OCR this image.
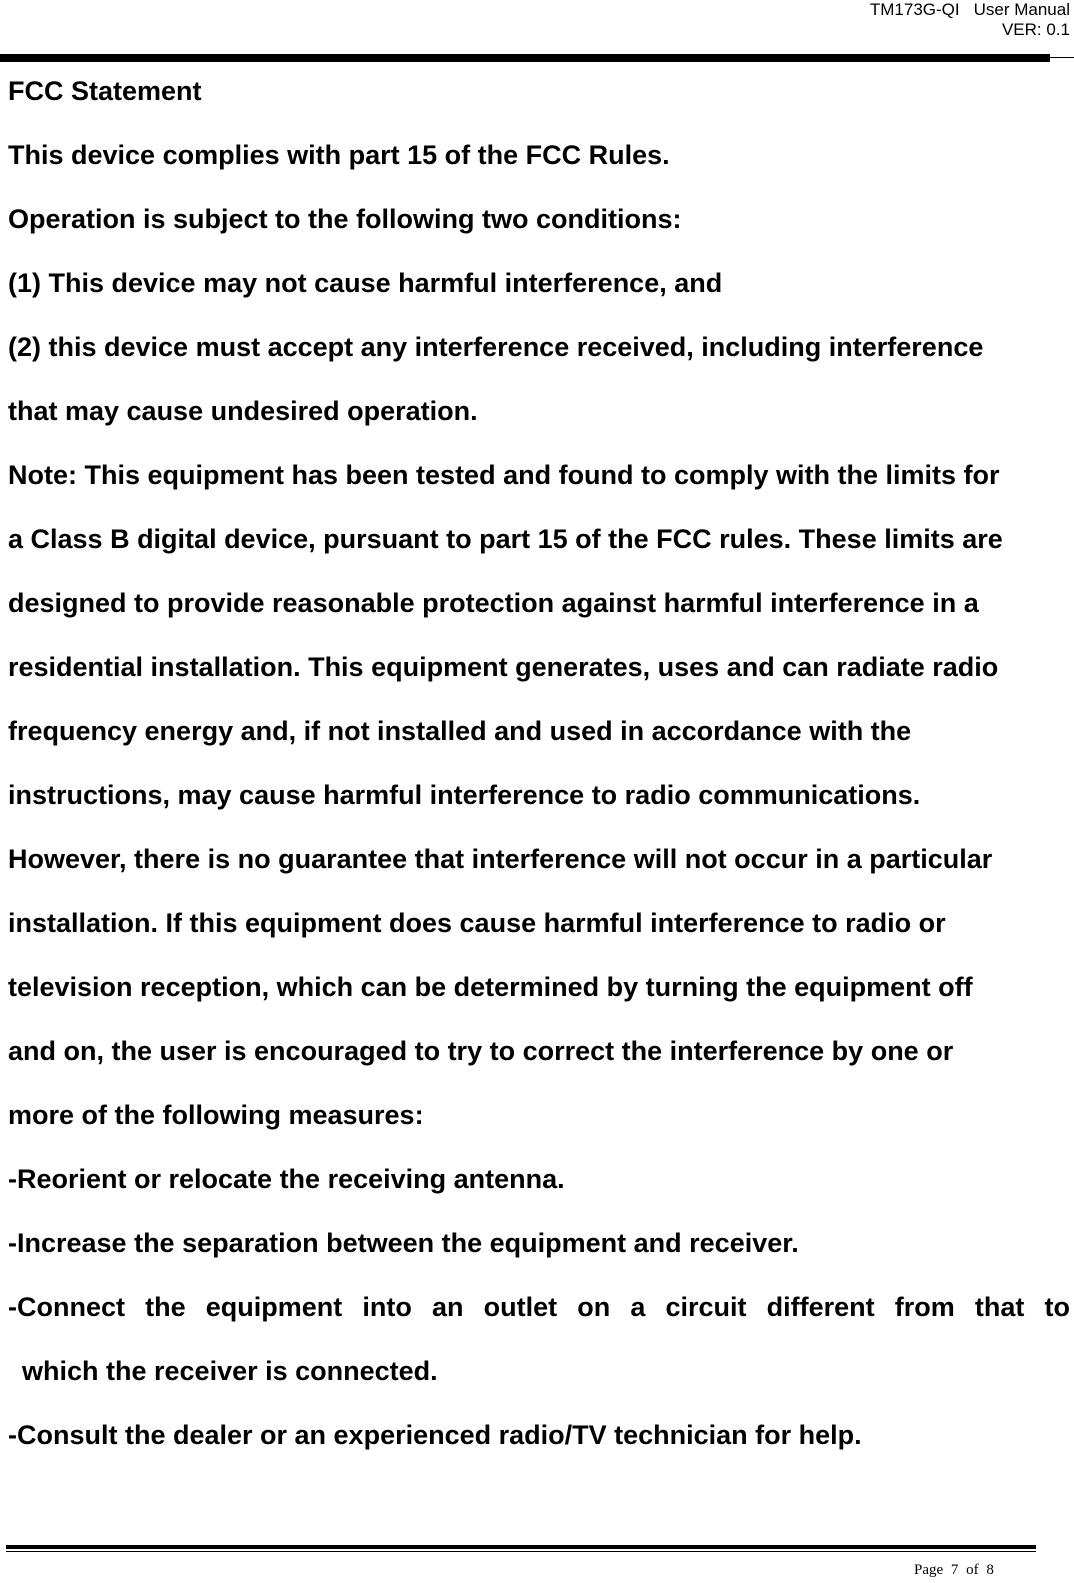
TM173G-QI User Manual
VER: 0.1
FCC Statement
This device complies with part 15 of the FCC Rules.
Operation is subject to the following two conditions:
(1) This device may not cause harmful interference, and
(2) this device must accept any interference received, including interference
that may cause undesired operation.
Note: This equipment has been tested and found to comply with the limits for
a Class B digital device, pursuant to part 15 of the FCC rules. These limits are
designed to provide reasonable protection against harmful interference in a
residential installation. This equipment generates, uses and can radiate radio
frequency energy and, if not installed and used in accordance with the
instructions, may cause harmful interference to radio communications.
However, there is no guarantee that interference will not occur in a particular
installation. If this equipment does cause harmful interference to radio or
television reception, which can be determined by turning the equipment off
and on, the user is encouraged to try to correct the interference by one or
more of the following measures:
-Reorient or relocate the receiving antenna.
-Increase the separation between the equipment and receiver.
-Connect the equipment into an outlet on a circuit different from that to
which the receiver is connected.
-Consult the dealer or an experienced radio/TV technician for help.
Page 7 of 8
